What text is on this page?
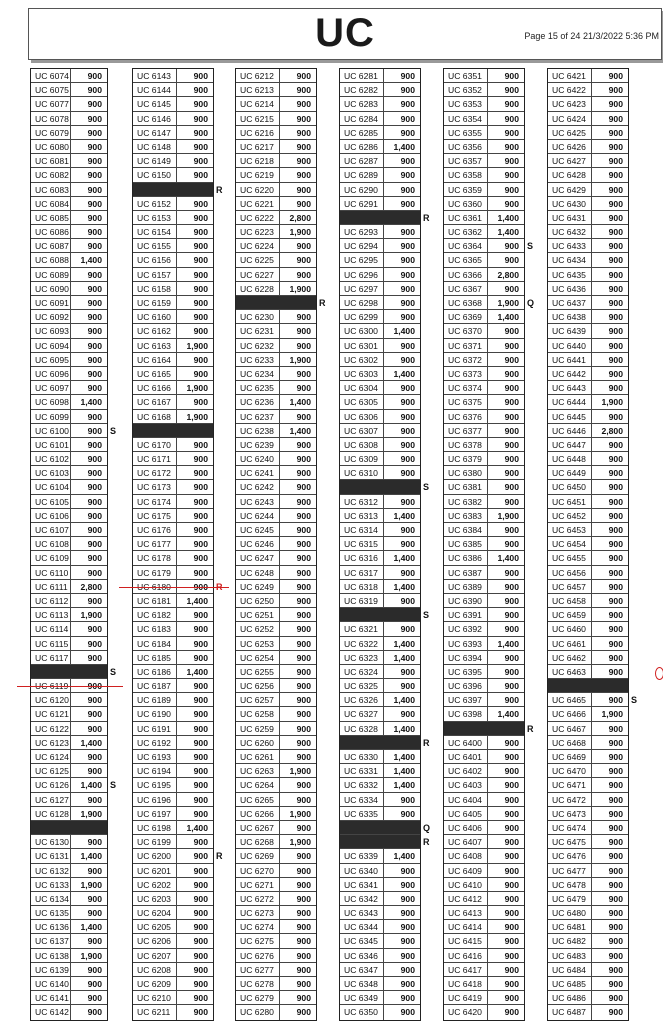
UC	Page 15 of 24 21/3/2022 5:36 PM
UC 6074	900
UC 6075	900
UC 6077	900
UC 6078	900
UC 6079	900
UC 6080	900
UC 6081	900
UC 6082	900
UC 6083	900
UC 6084	900
UC 6085	900
UC 6086	900
UC 6087	900
UC 6088	1,400
UC 6089	900
UC 6090	900
UC 6091	900
UC 6092	900
UC 6093	900
UC 6094	900
UC 6095	900
UC 6096	900
UC 6097	900
UC 6098	1,400
UC 6099	900
UC 6100	900 S
UC 6101	900
UC 6102	900
UC 6103	900
UC 6104	900
UC 6105	900
UC 6106	900
UC 6107	900
UC 6108	900
UC 6109	900
UC 6110	900
UC 6111	2,800
UC 6112	900
UC 6113	1,900
UC 6114	900
UC 6115	900
UC 6117	900
S
UC 6119	900
UC 6120	900
UC 6121	900
UC 6122	900
UC 6123	1,400
UC 6124	900
UC 6125	900
UC 6126	1,400 S
UC 6127	900
UC 6128	1,900
UC 6130	900
UC 6131	1,400
UC 6132	900
UC 6133	1,900
UC 6134	900
UC 6135	900
UC 6136	1,400
UC 6137	900
UC 6138	1,900
UC 6139	900
UC 6140	900
UC 6141	900
UC 6142	900
UC 6143	900
UC 6144	900
UC 6145	900
UC 6146	900
UC 6147	900
UC 6148	900
UC 6149	900
UC 6150	900
R
UC 6152	900
UC 6153	900
UC 6154	900
UC 6155	900
UC 6156	900
UC 6157	900
UC 6158	900
UC 6159	900
UC 6160	900
UC 6162	900
UC 6163	1,900
UC 6164	900
UC 6165	900
UC 6166	1,900
UC 6167	900
UC 6168	1,900
UC 6170	900
UC 6171	900
UC 6172	900
UC 6173	900
UC 6174	900
UC 6175	900
UC 6176	900
UC 6177	900
UC 6178	900
UC 6179	900
UC 6180	900 R
UC 6181	1,400
UC 6182	900
UC 6183	900
UC 6184	900
UC 6185	900
UC 6186	1,400
UC 6187	900
UC 6189	900
UC 6190	900
UC 6191	900
UC 6192	900
UC 6193	900
UC 6194	900
UC 6195	900
UC 6196	900
UC 6197	900
UC 6198	1,400
UC 6199	900
UC 6200	900 R
UC 6201	900
UC 6202	900
UC 6203	900
UC 6204	900
UC 6205	900
UC 6206	900
UC 6207	900
UC 6208	900
UC 6209	900
UC 6210	900
UC 6211	900
UC 6212	900
UC 6213	900
UC 6214	900
UC 6215	900
UC 6216	900
UC 6217	900
UC 6218	900
UC 6219	900
UC 6220	900
UC 6221	900
UC 6222	2,800
UC 6223	1,900
UC 6224	900
UC 6225	900
UC 6227	900
UC 6228	1,900
R
UC 6230	900
UC 6231	900
UC 6232	900
UC 6233	1,900
UC 6234	900
UC 6235	900
UC 6236	1,400
UC 6237	900
UC 6238	1,400
UC 6239	900
UC 6240	900
UC 6241	900
UC 6242	900
UC 6243	900
UC 6244	900
UC 6245	900
UC 6246	900
UC 6247	900
UC 6248	900
UC 6249	900
UC 6250	900
UC 6251	900
UC 6252	900
UC 6253	900
UC 6254	900
UC 6255	900
UC 6256	900
UC 6257	900
UC 6258	900
UC 6259	900
UC 6260	900
UC 6261	900
UC 6263	1,900
UC 6264	900
UC 6265	900
UC 6266	1,900
UC 6267	900
UC 6268	1,900
UC 6269	900
UC 6270	900
UC 6271	900
UC 6272	900
UC 6273	900
UC 6274	900
UC 6275	900
UC 6276	900
UC 6277	900
UC 6278	900
UC 6279	900
UC 6280	900
UC 6281	900
UC 6282	900
UC 6283	900
UC 6284	900
UC 6285	900
UC 6286	1,400
UC 6287	900
UC 6289	900
UC 6290	900
UC 6291	900
R
UC 6293	900
UC 6294	900
UC 6295	900
UC 6296	900
UC 6297	900
UC 6298	900
UC 6299	900
UC 6300	1,400
UC 6301	900
UC 6302	900
UC 6303	1,400
UC 6304	900
UC 6305	900
UC 6306	900
UC 6307	900
UC 6308	900
UC 6309	900
UC 6310	900
S
UC 6312	900
UC 6313	1,400
UC 6314	900
UC 6315	900
UC 6316	1,400
UC 6317	900
UC 6318	1,400
UC 6319	900
S
UC 6321	900
UC 6322	1,400
UC 6323	1,400
UC 6324	900
UC 6325	900
UC 6326	1,400
UC 6327	900
UC 6328	1,400
R
UC 6330	1,400
UC 6331	1,400
UC 6332	1,400
UC 6334	900
UC 6335	900
Q
R
UC 6339	1,400
UC 6340	900
UC 6341	900
UC 6342	900
UC 6343	900
UC 6344	900
UC 6345	900
UC 6346	900
UC 6347	900
UC 6348	900
UC 6349	900
UC 6350	900
UC 6351	900
UC 6352	900
UC 6353	900
UC 6354	900
UC 6355	900
UC 6356	900
UC 6357	900
UC 6358	900
UC 6359	900
UC 6360	900
UC 6361	1,400
UC 6362	1,400
UC 6364	900 S
UC 6365	900
UC 6366	2,800
UC 6367	900
UC 6368	1,900 Q
UC 6369	1,400
UC 6370	900
UC 6371	900
UC 6372	900
UC 6373	900
UC 6374	900
UC 6375	900
UC 6376	900
UC 6377	900
UC 6378	900
UC 6379	900
UC 6380	900
UC 6381	900
UC 6382	900
UC 6383	1,900
UC 6384	900
UC 6385	900
UC 6386	1,400
UC 6387	900
UC 6389	900
UC 6390	900
UC 6391	900
UC 6392	900
UC 6393	1,400
UC 6394	900
UC 6395	900
UC 6396	900
UC 6397	900
UC 6398	1,400
R
UC 6400	900
UC 6401	900
UC 6402	900
UC 6403	900
UC 6404	900
UC 6405	900
UC 6406	900
UC 6407	900
UC 6408	900
UC 6409	900
UC 6410	900
UC 6412	900
UC 6413	900
UC 6414	900
UC 6415	900
UC 6416	900
UC 6417	900
UC 6418	900
UC 6419	900
UC 6420	900
UC 6421	900
UC 6422	900
UC 6423	900
UC 6424	900
UC 6425	900
UC 6426	900
UC 6427	900
UC 6428	900
UC 6429	900
UC 6430	900
UC 6431	900
UC 6432	900
UC 6433	900
UC 6434	900
UC 6435	900
UC 6436	900
UC 6437	900
UC 6438	900
UC 6439	900
UC 6440	900
UC 6441	900
UC 6442	900
UC 6443	900
UC 6444	1,900
UC 6445	900
UC 6446	2,800
UC 6447	900
UC 6448	900
UC 6449	900
UC 6450	900
UC 6451	900
UC 6452	900
UC 6453	900
UC 6454	900
UC 6455	900
UC 6456	900
UC 6457	900
UC 6458	900
UC 6459	900
UC 6460	900
UC 6461	900
UC 6462	900
UC 6463	900
UC 6465	900 S
UC 6466	1,900
UC 6467	900
UC 6468	900
UC 6469	900
UC 6470	900
UC 6471	900
UC 6472	900
UC 6473	900
UC 6474	900
UC 6475	900
UC 6476	900
UC 6477	900
UC 6478	900
UC 6479	900
UC 6480	900
UC 6481	900
UC 6482	900
UC 6483	900
UC 6484	900
UC 6485	900
UC 6486	900
UC 6487	900
